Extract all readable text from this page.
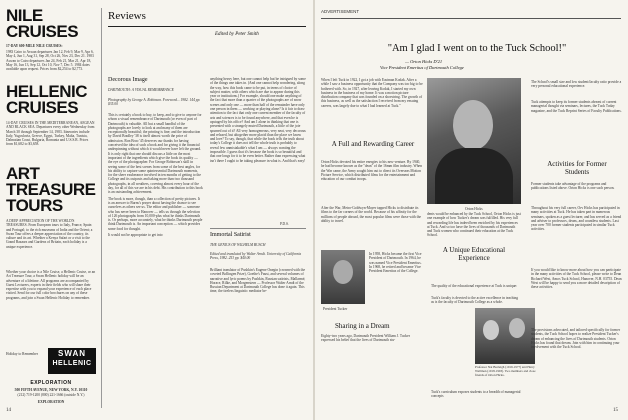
NILE CRUISES
17-DAY 600-MILE NILE CRUISES:
1983 Cairo to Aswan departures Jan 12, Feb 9, Mar 9, Apr 6, May 4, Jun 1, Aug 31, Sep 28, Oct 26, Nov 23, Dec 21. 1983 Aswan to Cairo departures Jan 24, Feb 21, Mar 21, Apr 18, May 16, Jun 13, Sep 12, Oct 10, Nov 7, Dec 5. 1984 dates available upon request. Prices from $2,254 to $2,773.
HELLENIC CRUISES
14-DAY CRUISES IN THE MEDITERRANEAN, AEGEAN AND BLACK SEA. Departures every other Wednesday from March 30 through September 14, 1983. Itineraries include Italy, Yugoslavia, Greece, Egypt, Turkey, Malta, Tunisia, Dalmatian Coast, Bulgaria, Romania and U.S.S.R. Prices from $1,682 to $3,658.
ART TREASURE TOURS
A DEEP APPRECIATION OF THE WORLD'S TREASURES. From European tours to Italy, France, Spain and Portugal; to the rich museums of India and the Orient; a Swan Tour offers a deeper appreciation of the country, its culture and its art. Whether a Kenya Safari or a visit to the Grand Bazaars and Gardens of Britain, each holiday is a unique experience.
Whether your choice is a Nile Cruise, a Hellenic Cruise, or an Art Treasure Tour, a Swan Hellenic holiday will be an adventure of a lifetime. All programs are accompanied by Guest Lecturers, experts in their fields who will share their expertise with you to expand your experience of each place visited. Send for our full color brochures on any of these programs, and join a Swan Hellenic Holiday to remember.
SWAN
HELLENIC
Holiday to Remember
EXPLORATION
500 FIFTH AVENUE, NEW YORK, N.Y. 10110
(212) 719-1200 (800) 221-1666 (outside N.Y.)
EXPLORATION
Reviews
Edited by Peter Smith
Decorous Image
DARTMOUTH: A VISUAL REMEMBRANCE
Photography by George A. Robinson. Foreword... 1982. 144 pp. $35.00

This is certainly a book to buy, to keep, and to give to anyone for whom a visual remembrance of Dartmouth (or even of part of Dartmouth) is valuable. All but a small handful of the photographs are lovely to look at and many of them are exceptionally beautiful; the printing is fine; and the introduction by David Bradley '38 is itself almost worth the price of admission. Ron Broo '45 deserves our thanks for having conceived the idea of such a book and for giving it the financial underpinning without which it would never have left the ground. It is only right that one should discuss a little on the most important of the ingredients which give the book its quality — the eye of the photographer. For George Robinson's skill in seeing some of the best scenes from some of the best angles, for his ability to capture some quintessential Dartmouth moments, for the sheer exuberance involved in ten months of getting to the College and its outposts and taking more than two thousand photographs, in all weathers, covering almost every hour of the day, for all of this we are in his debt. His contribution to this book is an outstanding achievement.

The book is more, though, than a collection of pretty pictures. It is an answer to Burns's prayer about having the chance to see ourselves as others see us. The editor and publisher — someone who has never been to Hanover — tells us through the selection of 126 photographs from 10,000-plus what he thinks Dartmouth is. Or perhaps, more accurately, what he thinks Dartmouth people think Dartmouth is. An important conception — which provides some food for thought.

It would not be appropriate to get into

anything heavy here, but one cannot help but be intrigued by some of the things one takes in. (And one cannot help wondering, along the way, how this book came to be put, in terms of choice of subject matter, with others which are due to appear during this year or institutions.) For example, should one make anything of the fact that more than a quarter of the photographs are of snow scenes and only one — more than half of the remainder have only one person in them — working or playing alone? Is it fair to draw attention to the fact that only one current member of the faculty of arts and sciences is to be found anywhere, and that even he is upstaged by his office? And am I alone in thinking that one is presented with a strangely muted Dartmouth, a little of the joie spurned out of it? All very homogeneous, very neat, very decorous and relaxed, but altogether more placid than the place we know and love? To say, though, that while the book tells the truth about today's College it does not tell the whole truth is probably to reveal few unmistakable's what I am — always wanting the impossible. I guess that it's because the book is so beautiful and that one longs for it to be even better. Rather than expressing what isn't there I ought to be taking pleasure in what is. And that's easy!

P.D.S.
Immortal Satirist
THE GENIUS OF WILHELM BUSCH
Edited and translated by Walter Arndt. University of California Press, 1982. 253 pp. $40.00
Brilliant translator of Pushkin's Eugene Onegin (crowned with the coveted Bollingen Prize), Goethe's Faust, and several volumes of narrative and lyric poems by Pushkin, Russian satirists, Mallarmé, Horace, Rilke, and Morgenstern — Professor Walter Arndt of the Russian Department at Dartmouth College has done it again. This time, the tireless linguistic mediator be-
14
ADVERTISEMENT
"Am I glad I went on to the Tuck School!"
— Orton Hicks D'21
Vice President Emeritus of Dartmouth College
When I left Tuck in 1922, I got a job with Eastman Kodak. After a while I saw a business opportunity that the Company was too big to be bothered with. So, in 1927, after leaving Kodak, I started my own business in the business of my home. It was a motion picture distribution company that was founded on a shoestring. The growth of this business, as well as the satisfaction I received from my ensuing careers, was largely due to what I had learned at Tuck."
Orton Hicks
A Full and Rewarding Career
Orton Hicks devoted his entire energies to his new venture. By 1940, he had become known as the "dean" of the 16mm film industry. When the War came, the Army sought him out to direct its Overseas Motion Picture Service, which distributed films for the entertainment and education of our combat troops.
After the War, Metro-Goldwyn-Mayer tapped Hicks to distribute its films to the far corners of the world. Because of his affinity for the millions of people abroad, the most popular films were those with the ability to travel.
dents would be enhanced by the Tuck School, Orton Hicks is just one example of how Tucker's dream was fulfilled. His very full and rewarding life has indeed been enriched by his experiences at Tuck. And so too have the lives of thousands of Dartmouth and Tuck women who continued their education at the Tuck School.
President Tucker
In 1958, Hicks became the first Vice President of Dartmouth. In 1964, he was named Vice President Emeritus. In 1968, he retired and became Vice President Emeritus of the College.
Sharing in a Dream
Eighty-two years ago, Dartmouth President William J. Tucker expressed his belief that the lives of Dartmouth stu-
A Unique Educational Experience
The quality of the educational experience at Tuck is unique:
Tuck's faculty is devoted to the active excellence in teaching as is the faculty of Dartmouth College as a whole.
Tuck's curriculum exposes students to a breadth of managerial concepts
Professor Nat Burleigh (1919-1977) and Harry Wellman (1918-1993). Two members and close friends of Orton Hicks.
The School's small size and low student/faculty ratio provide a very personal educational experience.
Tuck attempts to keep its former students abreast of current managerial thought via seminars, lectures, the Tuck Today magazine, and the Tuck Reprint Series of Faculty Publications.
Activities for Former Students
Former students take advantage of the programs and publications listed above. Orton Hicks is one such person.
Throughout his very full career, Orv Hicks has participated in many activities at Tuck. He has taken part in numerous seminars, spoken as a guest lecturer, and has served as a friend and adviser to professors, deans, and countless students. Last year over 700 former students participated in similar Tuck activities.
If you would like to know more about how you can participate in the many activities of the Tuck School, please write to Dean Richard West, Amos Tuck School, Hanover, N.H. 03755. Dean West will be happy to send you a more detailed description of these activities.
The provisions advocated, and tailored specifically for former students, the Tuck School hopes to realize President Tucker's dream of enhancing the lives of Dartmouth students. Orton Hicks has found that dream. Join with him in continuing your involvement with the Tuck School.
15
